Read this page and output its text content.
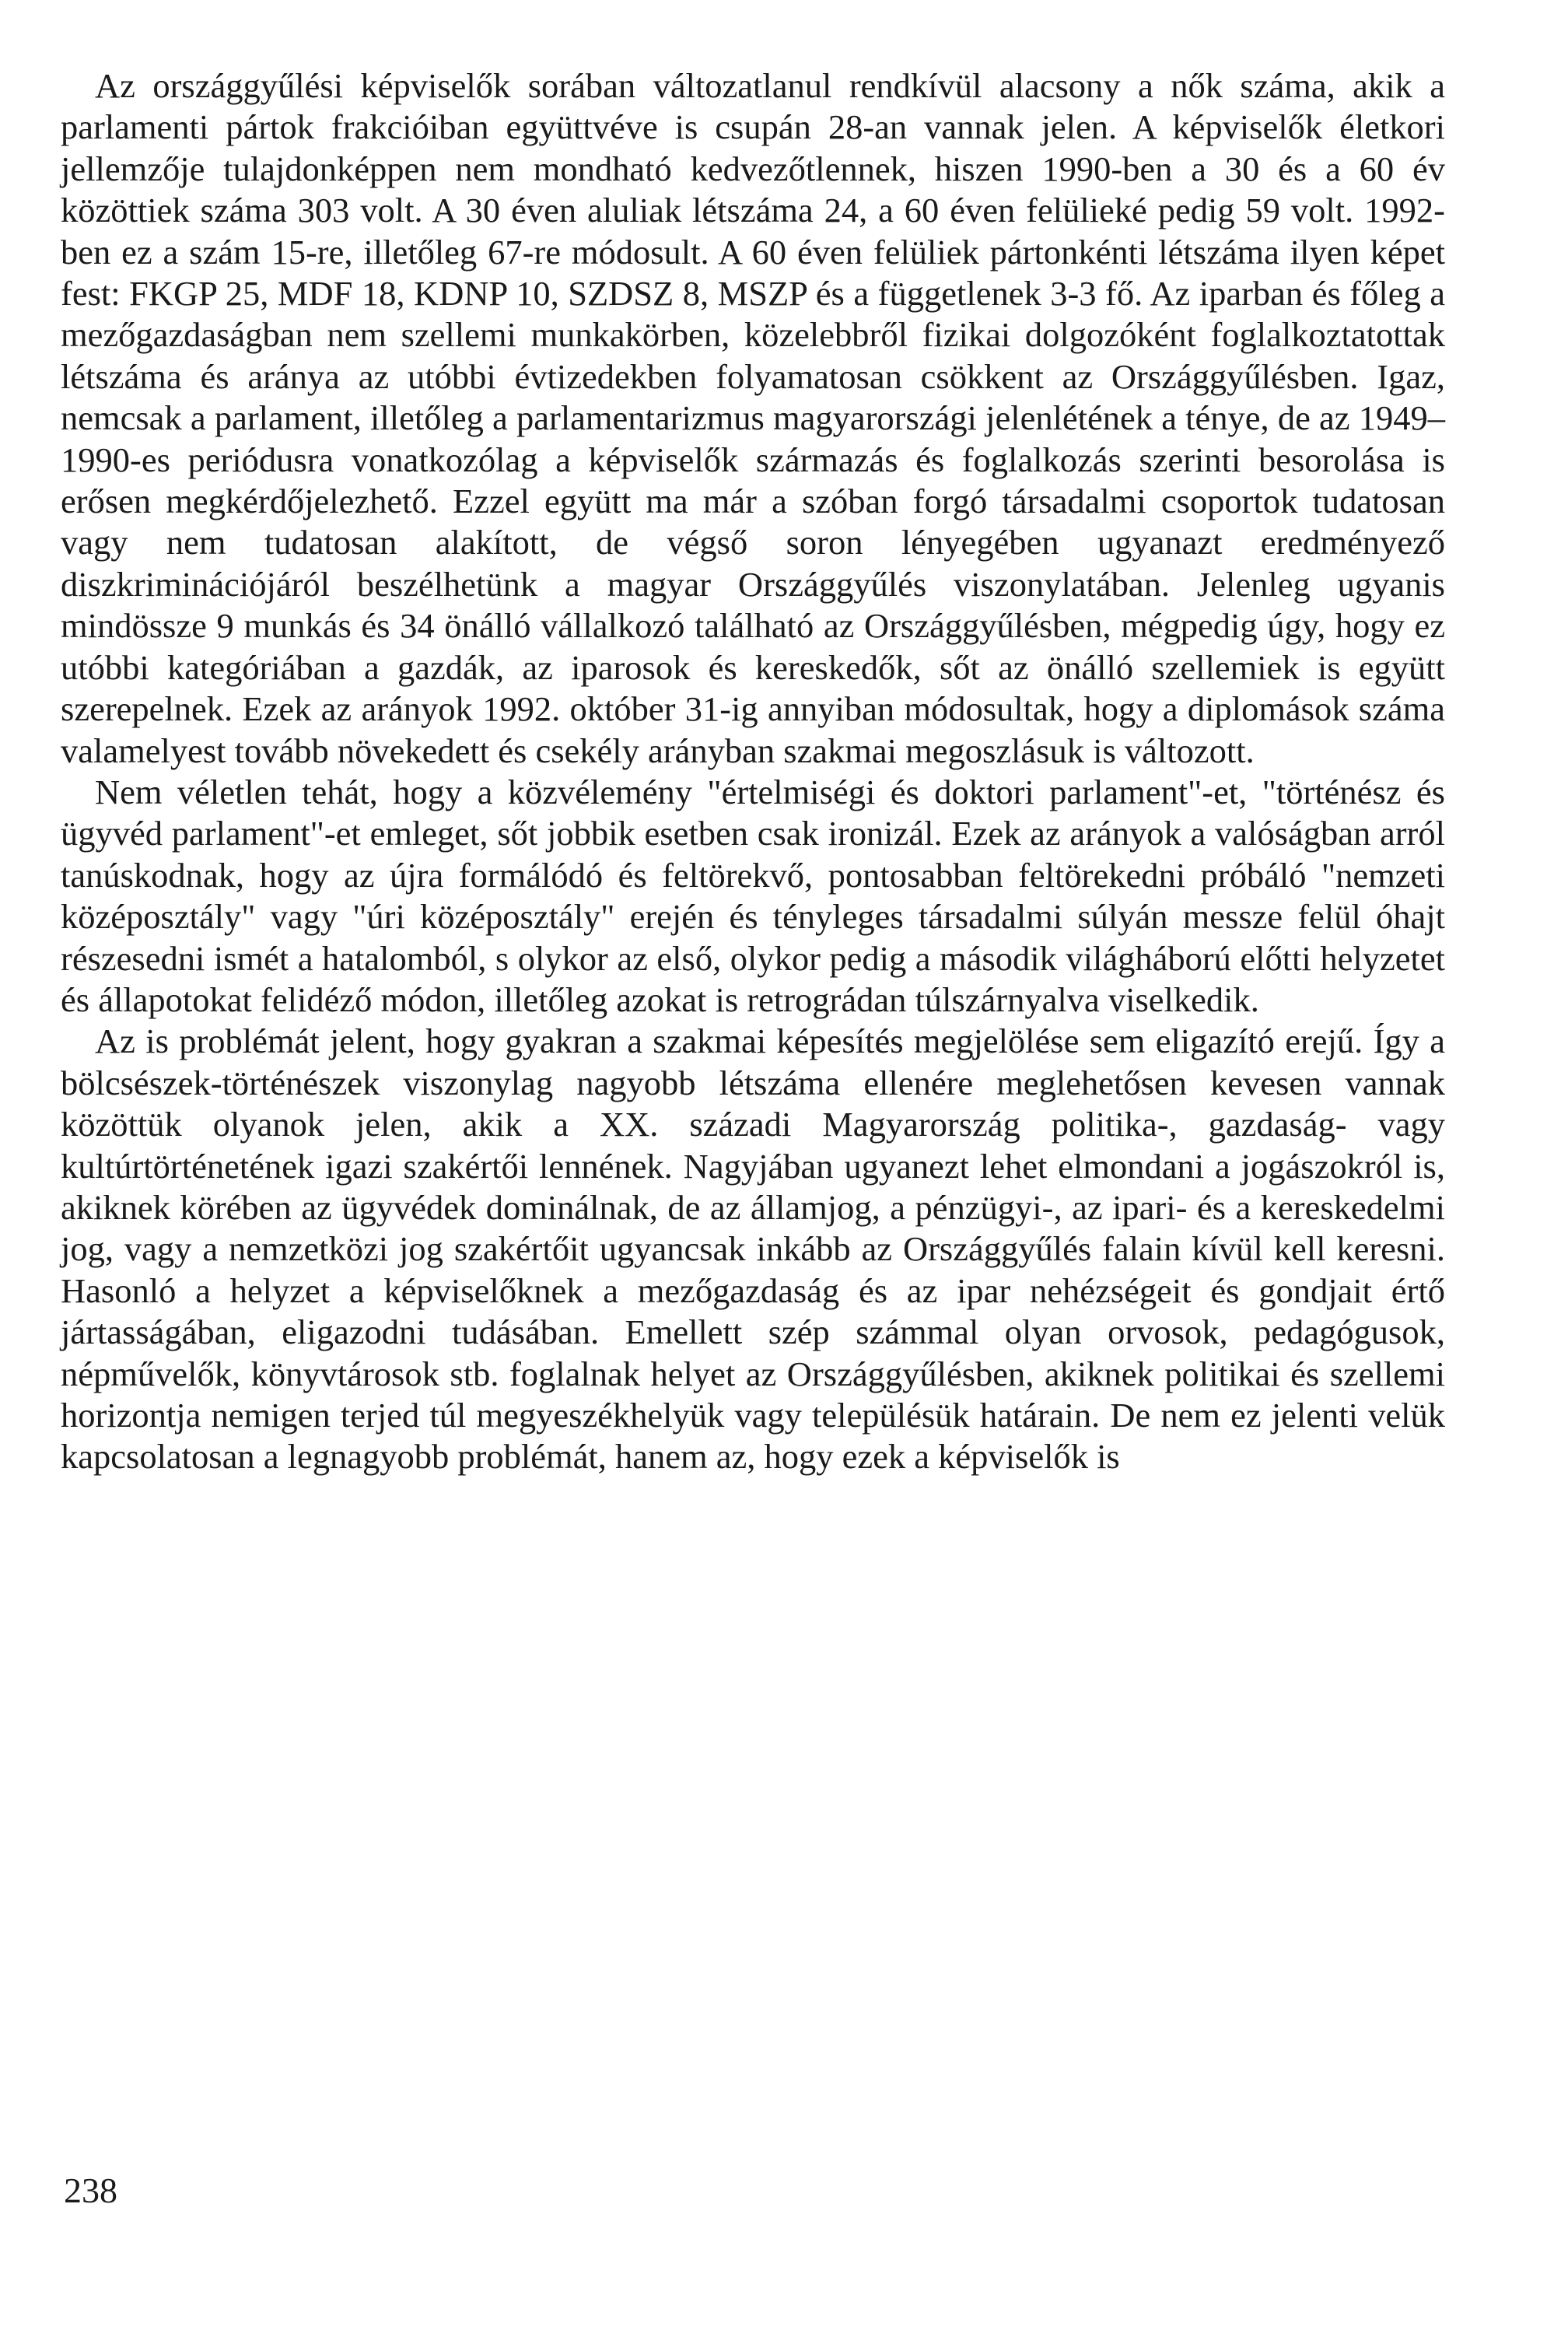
Az országgyűlési képviselők sorában változatlanul rendkívül alacsony a nők száma, akik a parlamenti pártok frakcióiban együttvéve is csupán 28-an vannak jelen. A képviselők életkori jellemzője tulajdonképpen nem mondható kedvezőtlennek, hiszen 1990-ben a 30 és a 60 év közöttiek száma 303 volt. A 30 éven aluliak létszáma 24, a 60 éven felülieké pedig 59 volt. 1992-ben ez a szám 15-re, illetőleg 67-re módosult. A 60 éven felüliek pártonkénti létszáma ilyen képet fest: FKGP 25, MDF 18, KDNP 10, SZDSZ 8, MSZP és a függetlenek 3-3 fő. Az iparban és főleg a mezőgazdaságban nem szellemi munkakörben, közelebbről fizikai dolgozóként foglalkoztatottak létszáma és aránya az utóbbi évtizedekben folyamatosan csökkent az Országgyűlésben. Igaz, nemcsak a parlament, illetőleg a parlamentarizmus magyarországi jelenlétének a ténye, de az 1949–1990-es periódusra vonatkozólag a képviselők származás és foglalkozás szerinti besorolása is erősen megkérdőjelezhető. Ezzel együtt ma már a szóban forgó társadalmi csoportok tudatosan vagy nem tudatosan alakított, de végső soron lényegében ugyanazt eredményező diszkriminációjáról beszélhetünk a magyar Országgyűlés viszonylatában. Jelenleg ugyanis mindössze 9 munkás és 34 önálló vállalkozó található az Országgyűlésben, mégpedig úgy, hogy ez utóbbi kategóriában a gazdák, az iparosok és kereskedők, sőt az önálló szellemiek is együtt szerepelnek. Ezek az arányok 1992. október 31-ig annyiban módosultak, hogy a diplomások száma valamelyest tovább növekedett és csekély arányban szakmai megoszlásuk is változott.

Nem véletlen tehát, hogy a közvélemény "értelmiségi és doktori parlament"-et, "történész és ügyvéd parlament"-et emleget, sőt jobbik esetben csak ironizál. Ezek az arányok a valóságban arról tanúskodnak, hogy az újra formálódó és feltörekvő, pontosabban feltörekedni próbáló "nemzeti középosztály" vagy "úri középosztály" erején és tényleges társadalmi súlyán messze felül óhajt részesedni ismét a hatalomból, s olykor az első, olykor pedig a második világháború előtti helyzetet és állapotokat felidéző módon, illetőleg azokat is retrográdan túlszárnyalva viselkedik.

Az is problémát jelent, hogy gyakran a szakmai képesítés megjelölése sem eligazító erejű. Így a bölcsészek-történészek viszonylag nagyobb létszáma ellenére meglehetősen kevesen vannak közöttük olyanok jelen, akik a XX. századi Magyarország politika-, gazdaság- vagy kultúrtörténetének igazi szakértői lennének. Nagyjában ugyanezt lehet elmondani a jogászokról is, akiknek körében az ügyvédek dominálnak, de az államjog, a pénzügyi-, az ipari- és a kereskedelmi jog, vagy a nemzetközi jog szakértőit ugyancsak inkább az Országgyűlés falain kívül kell keresni. Hasonló a helyzet a képviselőknek a mezőgazdaság és az ipar nehézségeit és gondjait értő jártasságában, eligazodni tudásában. Emellett szép számmal olyan orvosok, pedagógusok, népművelők, könyvtárosok stb. foglalnak helyet az Országgyűlésben, akiknek politikai és szellemi horizontja nemigen terjed túl megyeszékhelyük vagy településük határain. De nem ez jelenti velük kapcsolatosan a legnagyobb problémát, hanem az, hogy ezek a képviselők is

238
